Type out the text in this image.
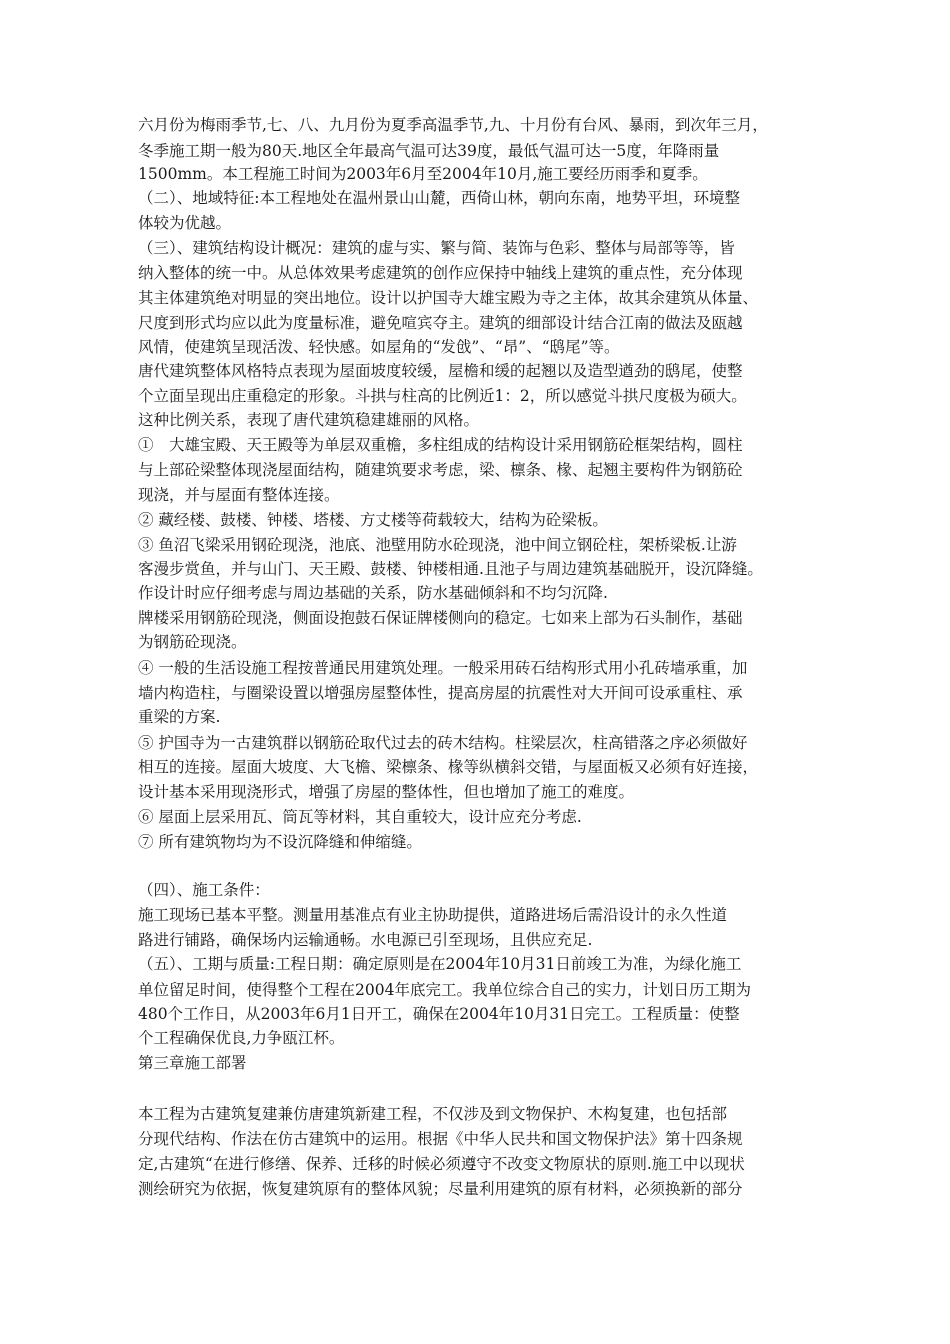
六月份为梅雨季节,七、八、九月份为夏季高温季节,九、十月份有台风、暴雨，到次年三月，
冬季施工期一般为80天.地区全年最高气温可达39度，最低气温可达一5度，年降雨量
1500mm。本工程施工时间为2003年6月至2004年10月,施工要经历雨季和夏季。
（二）、地域特征:本工程地处在温州景山山麓，西倚山林，朝向东南，地势平坦，环境整
体较为优越。
（三）、建筑结构设计概况：建筑的虚与实、繁与简、装饰与色彩、整体与局部等等，皆
纳入整体的统一中。从总体效果考虑建筑的创作应保持中轴线上建筑的重点性，充分体现
其主体建筑绝对明显的突出地位。设计以护国寺大雄宝殿为寺之主体，故其余建筑从体量、
尺度到形式均应以此为度量标准，避免喧宾夺主。建筑的细部设计结合江南的做法及瓯越
风情，使建筑呈现活泼、轻快感。如屋角的“发戗”、“昂”、“鸱尾”等。
唐代建筑整体风格特点表现为屋面坡度较缓，屋檐和缓的起翘以及造型遒劲的鸱尾，使整
个立面呈现出庄重稳定的形象。斗拱与柱高的比例近1：2，所以感觉斗拱尺度极为硕大。
这种比例关系，表现了唐代建筑稳建雄丽的风格。
①　大雄宝殿、天王殿等为单层双重檐，多柱组成的结构设计采用钢筋砼框架结构，圆柱
与上部砼梁整体现浇屋面结构，随建筑要求考虑，梁、檩条、椽、起翘主要构件为钢筋砼
现浇，并与屋面有整体连接。
② 藏经楼、鼓楼、钟楼、塔楼、方丈楼等荷载较大，结构为砼梁板。
③ 鱼沼飞梁采用钢砼现浇，池底、池壁用防水砼现浇，池中间立钢砼柱，架桥梁板.让游
客漫步赏鱼，并与山门、天王殿、鼓楼、钟楼相通.且池子与周边建筑基础脱开，设沉降缝。
作设计时应仔细考虑与周边基础的关系，防水基础倾斜和不均匀沉降.
牌楼采用钢筋砼现浇，侧面设抱鼓石保证牌楼侧向的稳定。七如来上部为石头制作，基础
为钢筋砼现浇。
④ 一般的生活设施工程按普通民用建筑处理。一般采用砖石结构形式用小孔砖墙承重，加
墙内构造柱，与圈梁设置以增强房屋整体性，提高房屋的抗震性对大开间可设承重柱、承
重梁的方案.
⑤ 护国寺为一古建筑群以钢筋砼取代过去的砖木结构。柱梁层次，柱高错落之序必须做好
相互的连接。屋面大坡度、大飞檐、梁檩条、椽等纵横斜交错，与屋面板又必须有好连接，
设计基本采用现浇形式，增强了房屋的整体性，但也增加了施工的难度。
⑥ 屋面上层采用瓦、筒瓦等材料，其自重较大，设计应充分考虑.
⑦ 所有建筑物均为不设沉降缝和伸缩缝。
（四）、施工条件：
施工现场已基本平整。测量用基准点有业主协助提供，道路进场后需沿设计的永久性道
路进行铺路，确保场内运输通畅。水电源已引至现场，且供应充足.
（五）、工期与质量:工程日期：确定原则是在2004年10月31日前竣工为准，为绿化施工
单位留足时间，使得整个工程在2004年底完工。我单位综合自己的实力，计划日历工期为
480个工作日，从2003年6月1日开工，确保在2004年10月31日完工。工程质量：使整
个工程确保优良,力争瓯江杯。
第三章施工部署
本工程为古建筑复建兼仿唐建筑新建工程，不仅涉及到文物保护、木构复建，也包括部
分现代结构、作法在仿古建筑中的运用。根据《中华人民共和国文物保护法》第十四条规
定,古建筑“在进行修缮、保养、迁移的时候必须遵守不改变文物原状的原则.施工中以现状
测绘研究为依据，恢复建筑原有的整体风貌；尽量利用建筑的原有材料，必须换新的部分
